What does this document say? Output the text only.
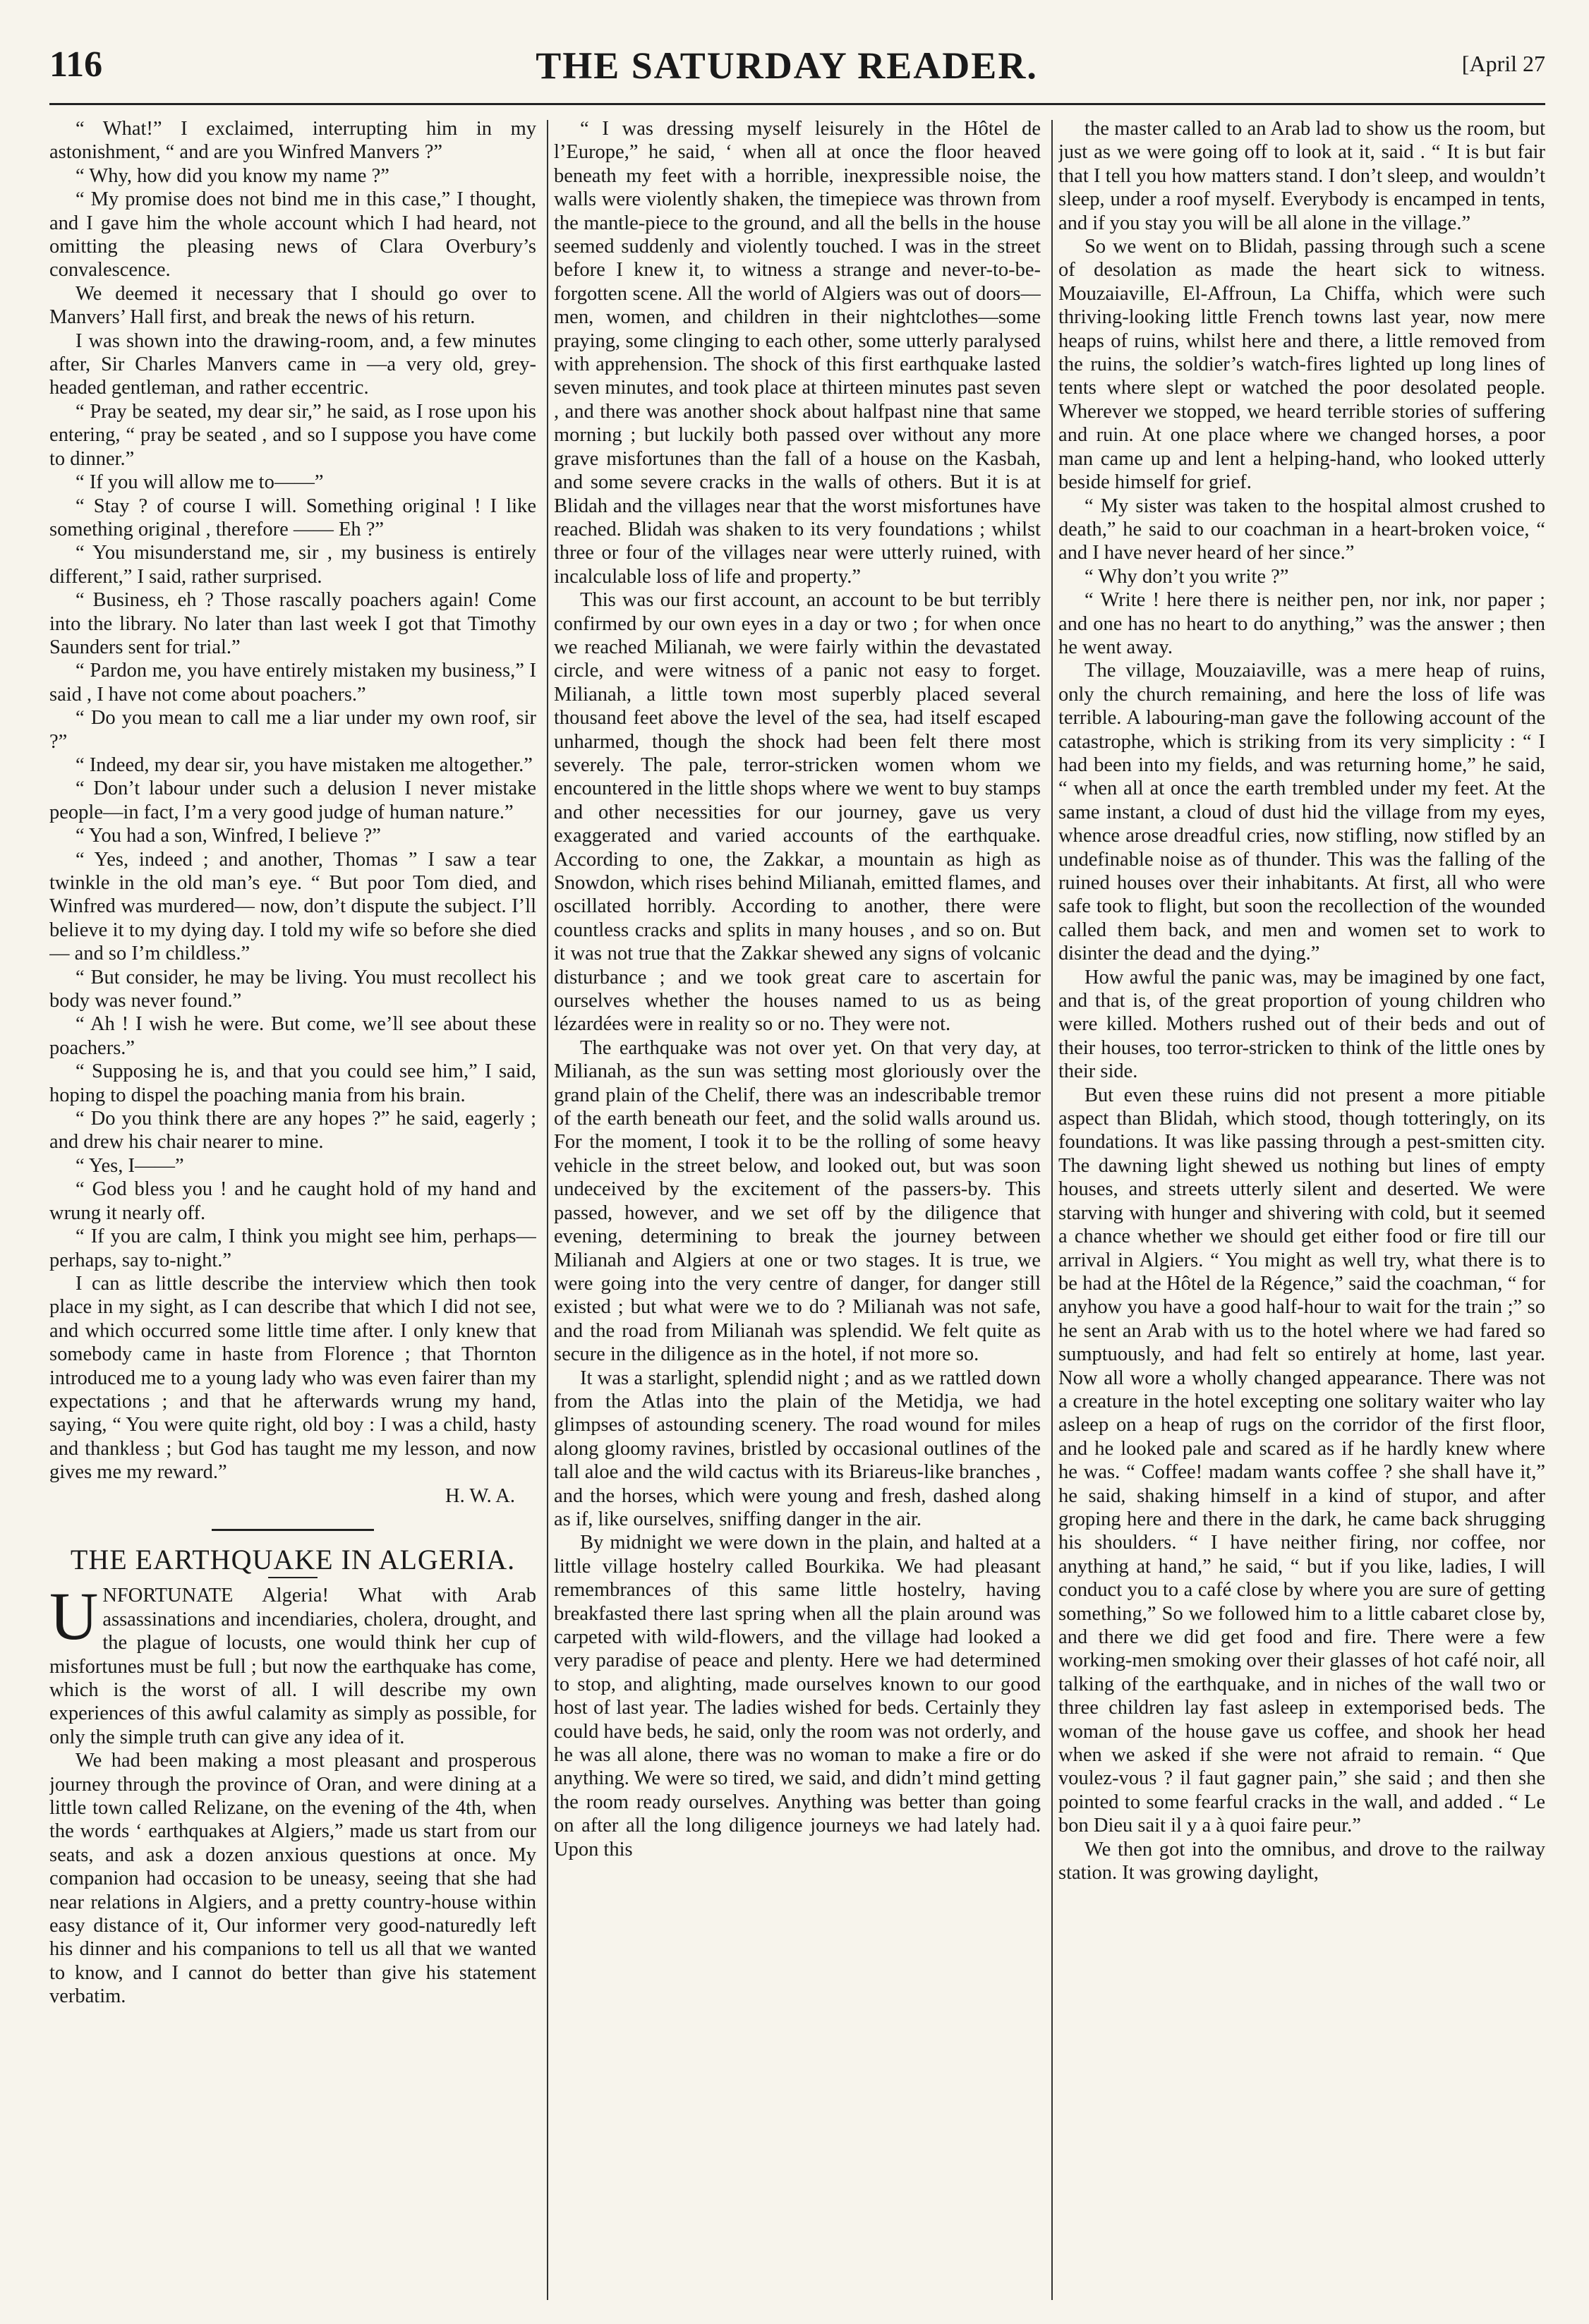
116	THE SATURDAY READER.	[April 27

“ What!” I exclaimed, interrupting him in my astonishment, “ and are you Winfred Manvers ?”

“ Why, how did you know my name ?”

“ My promise does not bind me in this case,” I thought, and I gave him the whole account which I had heard, not omitting the pleasing news of Clara Overbury’s convalescence.

We deemed it necessary that I should go over to Manvers’ Hall first, and break the news of his return.

I was shown into the drawing-room, and, a few minutes after, Sir Charles Manvers came in —a very old, grey-headed gentleman, and rather eccentric.

“ Pray be seated, my dear sir,” he said, as I rose upon his entering, “ pray be seated , and so I suppose you have come to dinner.”

“ If you will allow me to——”

“ Stay ? of course I will. Something original ! I like something original , therefore —— Eh ?”

“ You misunderstand me, sir , my business is entirely different,” I said, rather surprised.

“ Business, eh ? Those rascally poachers again! Come into the library. No later than last week I got that Timothy Saunders sent for trial.”

“ Pardon me, you have entirely mistaken my business,” I said , I have not come about poachers.”

“ Do you mean to call me a liar under my own roof, sir ?”

“ Indeed, my dear sir, you have mistaken me altogether.”

“ Don’t labour under such a delusion I never mistake people—in fact, I’m a very good judge of human nature.”

“ You had a son, Winfred, I believe ?”

“ Yes, indeed ; and another, Thomas ” I saw a tear twinkle in the old man’s eye. “ But poor Tom died, and Winfred was murdered— now, don’t dispute the subject. I’ll believe it to my dying day. I told my wife so before she died— and so I’m childless.”

“ But consider, he may be living. You must recollect his body was never found.”

“ Ah ! I wish he were. But come, we’ll see about these poachers.”

“ Supposing he is, and that you could see him,” I said, hoping to dispel the poaching mania from his brain.

“ Do you think there are any hopes ?” he said, eagerly ; and drew his chair nearer to mine.

“ Yes, I——”

“ God bless you ! and he caught hold of my hand and wrung it nearly off.

“ If you are calm, I think you might see him, perhaps—perhaps, say to-night.”

I can as little describe the interview which then took place in my sight, as I can describe that which I did not see, and which occurred some little time after. I only knew that somebody came in haste from Florence ; that Thornton introduced me to a young lady who was even fairer than my expectations ; and that he afterwards wrung my hand, saying, “ You were quite right, old boy : I was a child, hasty and thankless ; but God has taught me my lesson, and now gives me my reward.”

H. W. A.

THE EARTHQUAKE IN ALGERIA.

UNFORTUNATE Algeria! What with Arab assassinations and incendiaries, cholera, drought, and the plague of locusts, one would think her cup of misfortunes must be full ; but now the earthquake has come, which is the worst of all. I will describe my own experiences of this awful calamity as simply as possible, for only the simple truth can give any idea of it.

We had been making a most pleasant and prosperous journey through the province of Oran, and were dining at a little town called Relizane, on the evening of the 4th, when the words ‘ earthquakes at Algiers,” made us start from our seats, and ask a dozen anxious questions at once. My companion had occasion to be uneasy, seeing that she had near relations in Algiers, and a pretty country-house within easy distance of it, Our informer very good-naturedly left his dinner and his companions to tell us all that we wanted to know, and I cannot do better than give his statement verbatim.

“ I was dressing myself leisurely in the Hôtel de l’Europe,” he said, ‘ when all at once the floor heaved beneath my feet with a horrible, inexpressible noise, the walls were violently shaken, the timepiece was thrown from the mantle-piece to the ground, and all the bells in the house seemed suddenly and violently touched. I was in the street before I knew it, to witness a strange and never-to-be-forgotten scene. All the world of Algiers was out of doors—men, women, and children in their nightclothes—some praying, some clinging to each other, some utterly paralysed with apprehension. The shock of this first earthquake lasted seven minutes, and took place at thirteen minutes past seven , and there was another shock about halfpast nine that same morning ; but luckily both passed over without any more grave misfortunes than the fall of a house on the Kasbah, and some severe cracks in the walls of others. But it is at Blidah and the villages near that the worst misfortunes have reached. Blidah was shaken to its very foundations ; whilst three or four of the villages near were utterly ruined, with incalculable loss of life and property.”

This was our first account, an account to be but terribly confirmed by our own eyes in a day or two ; for when once we reached Milianah, we were fairly within the devastated circle, and were witness of a panic not easy to forget. Milianah, a little town most superbly placed several thousand feet above the level of the sea, had itself escaped unharmed, though the shock had been felt there most severely. The pale, terror-stricken women whom we encountered in the little shops where we went to buy stamps and other necessities for our journey, gave us very exaggerated and varied accounts of the earthquake. According to one, the Zakkar, a mountain as high as Snowdon, which rises behind Milianah, emitted flames, and oscillated horribly. According to another, there were countless cracks and splits in many houses , and so on. But it was not true that the Zakkar shewed any signs of volcanic disturbance ; and we took great care to ascertain for ourselves whether the houses named to us as being lézardées were in reality so or no. They were not.

The earthquake was not over yet. On that very day, at Milianah, as the sun was setting most gloriously over the grand plain of the Chelif, there was an indescribable tremor of the earth beneath our feet, and the solid walls around us. For the moment, I took it to be the rolling of some heavy vehicle in the street below, and looked out, but was soon undeceived by the excitement of the passers-by. This passed, however, and we set off by the diligence that evening, determining to break the journey between Milianah and Algiers at one or two stages. It is true, we were going into the very centre of danger, for danger still existed ; but what were we to do ? Milianah was not safe, and the road from Milianah was splendid. We felt quite as secure in the diligence as in the hotel, if not more so.

It was a starlight, splendid night ; and as we rattled down from the Atlas into the plain of the Metidja, we had glimpses of astounding scenery. The road wound for miles along gloomy ravines, bristled by occasional outlines of the tall aloe and the wild cactus with its Briareus-like branches , and the horses, which were young and fresh, dashed along as if, like ourselves, sniffing danger in the air.

By midnight we were down in the plain, and halted at a little village hostelry called Bourkika. We had pleasant remembrances of this same little hostelry, having breakfasted there last spring when all the plain around was carpeted with wild-flowers, and the village had looked a very paradise of peace and plenty. Here we had determined to stop, and alighting, made ourselves known to our good host of last year. The ladies wished for beds. Certainly they could have beds, he said, only the room was not orderly, and he was all alone, there was no woman to make a fire or do anything. We were so tired, we said, and didn’t mind getting the room ready ourselves. Anything was better than going on after all the long diligence journeys we had lately had. Upon this

the master called to an Arab lad to show us the room, but just as we were going off to look at it, said . “ It is but fair that I tell you how matters stand. I don’t sleep, and wouldn’t sleep, under a roof myself. Everybody is encamped in tents, and if you stay you will be all alone in the village.”

So we went on to Blidah, passing through such a scene of desolation as made the heart sick to witness. Mouzaiaville, El-Affroun, La Chiffa, which were such thriving-looking little French towns last year, now mere heaps of ruins, whilst here and there, a little removed from the ruins, the soldier’s watch-fires lighted up long lines of tents where slept or watched the poor desolated people. Wherever we stopped, we heard terrible stories of suffering and ruin. At one place where we changed horses, a poor man came up and lent a helping-hand, who looked utterly beside himself for grief.

“ My sister was taken to the hospital almost crushed to death,” he said to our coachman in a heart-broken voice, “ and I have never heard of her since.”

“ Why don’t you write ?”

“ Write ! here there is neither pen, nor ink, nor paper ; and one has no heart to do anything,” was the answer ; then he went away.

The village, Mouzaiaville, was a mere heap of ruins, only the church remaining, and here the loss of life was terrible. A labouring-man gave the following account of the catastrophe, which is striking from its very simplicity : “ I had been into my fields, and was returning home,” he said, “ when all at once the earth trembled under my feet. At the same instant, a cloud of dust hid the village from my eyes, whence arose dreadful cries, now stifling, now stifled by an undefinable noise as of thunder. This was the falling of the ruined houses over their inhabitants. At first, all who were safe took to flight, but soon the recollection of the wounded called them back, and men and women set to work to disinter the dead and the dying.”

How awful the panic was, may be imagined by one fact, and that is, of the great proportion of young children who were killed. Mothers rushed out of their beds and out of their houses, too terror-stricken to think of the little ones by their side.

But even these ruins did not present a more pitiable aspect than Blidah, which stood, though totteringly, on its foundations. It was like passing through a pest-smitten city. The dawning light shewed us nothing but lines of empty houses, and streets utterly silent and deserted. We were starving with hunger and shivering with cold, but it seemed a chance whether we should get either food or fire till our arrival in Algiers. “ You might as well try, what there is to be had at the Hôtel de la Régence,” said the coachman, “ for anyhow you have a good half-hour to wait for the train ;” so he sent an Arab with us to the hotel where we had fared so sumptuously, and had felt so entirely at home, last year. Now all wore a wholly changed appearance. There was not a creature in the hotel excepting one solitary waiter who lay asleep on a heap of rugs on the corridor of the first floor, and he looked pale and scared as if he hardly knew where he was. “ Coffee! madam wants coffee ? she shall have it,” he said, shaking himself in a kind of stupor, and after groping here and there in the dark, he came back shrugging his shoulders. “ I have neither firing, nor coffee, nor anything at hand,” he said, “ but if you like, ladies, I will conduct you to a café close by where you are sure of getting something,” So we followed him to a little cabaret close by, and there we did get food and fire. There were a few working-men smoking over their glasses of hot café noir, all talking of the earthquake, and in niches of the wall two or three children lay fast asleep in extemporised beds. The woman of the house gave us coffee, and shook her head when we asked if she were not afraid to remain. “ Que voulez-vous ? il faut gagner pain,” she said ; and then she pointed to some fearful cracks in the wall, and added . “ Le bon Dieu sait il y a à quoi faire peur.”

We then got into the omnibus, and drove to the railway station. It was growing daylight,
